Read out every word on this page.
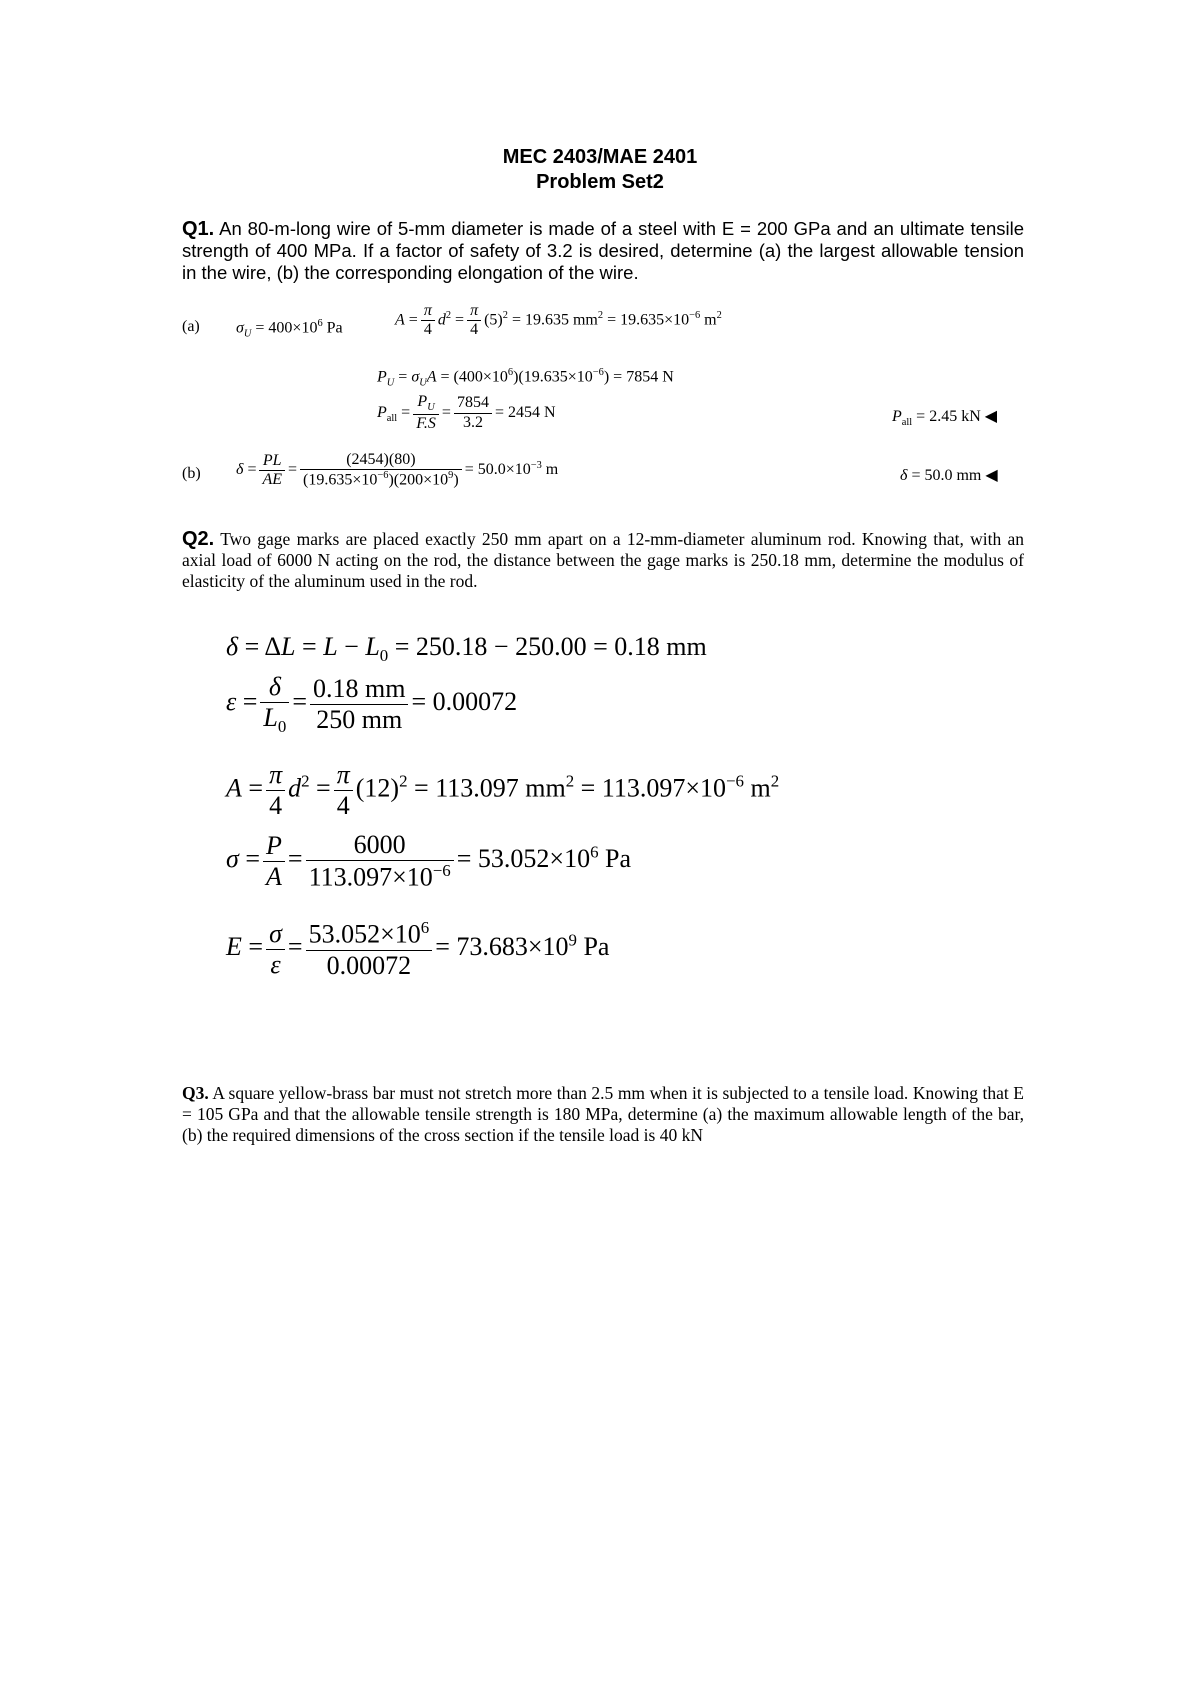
MEC 2403/MAE 2401
Problem Set2
Q1. An 80-m-long wire of 5-mm diameter is made of a steel with E = 200 GPa and an ultimate tensile strength of 400 MPa. If a factor of safety of 3.2 is desired, determine (a) the largest allowable tension in the wire, (b) the corresponding elongation of the wire.
(a) $\sigma_U = 400\times 10^6$ Pa	$A = \frac{\pi}{4} d^2 = \frac{\pi}{4} (5)^2 = 19.635$ $mm^2 = 19.635\times 10^{-6}$ $m^2$
$P_U = \sigma_UA = (400\times 10^6)(19.635\times 10^{-6}) = 7854$ N
$P_{all} = \frac{P_U}{F.S} = \frac{7854}{3.2} = 2454$ N	$P_{all} = 2.45$ kN ◀
(b) $\delta = \frac{PL}{AE} = \frac{(2454)(80)}{(19.635\times 10^{-6})(200\times 10^9)} = 50.0\times 10^{-3}$ m	δ = 50.0 mm ◀
Q2. Two gage marks are placed exactly 250 mm apart on a 12-mm-diameter aluminum rod. Knowing that, with an axial load of 6000 N acting on the rod, the distance between the gage marks is 250.18 mm, determine the modulus of elasticity of the aluminum used in the rod.
$\delta = \Delta L = L - L_0 = 250.18 - 250.00 = 0.18$ mm
$\varepsilon = \frac{\delta}{L_0} = \frac{0.18 mm}{250 mm} = 0.00072$
$A = \frac{\pi}{4} d^2 = \frac{\pi}{4} (12)^2 = 113.097$ $mm^2 = 113.097\times 10^{-6}$ $m^2$
$\sigma = \frac{P}{A} = \frac{6000}{113.097\times 10^{-6}} = 53.052\times 10^6$ Pa
$E = \frac{\sigma}{\varepsilon} = \frac{53.052\times 10^6}{0.00072} = 73.683\times 10^9$ Pa
Q3. A square yellow-brass bar must not stretch more than 2.5 mm when it is subjected to a tensile load. Knowing that E = 105 GPa and that the allowable tensile strength is 180 MPa, determine (a) the maximum allowable length of the bar, (b) the required dimensions of the cross section if the tensile load is 40 kN
